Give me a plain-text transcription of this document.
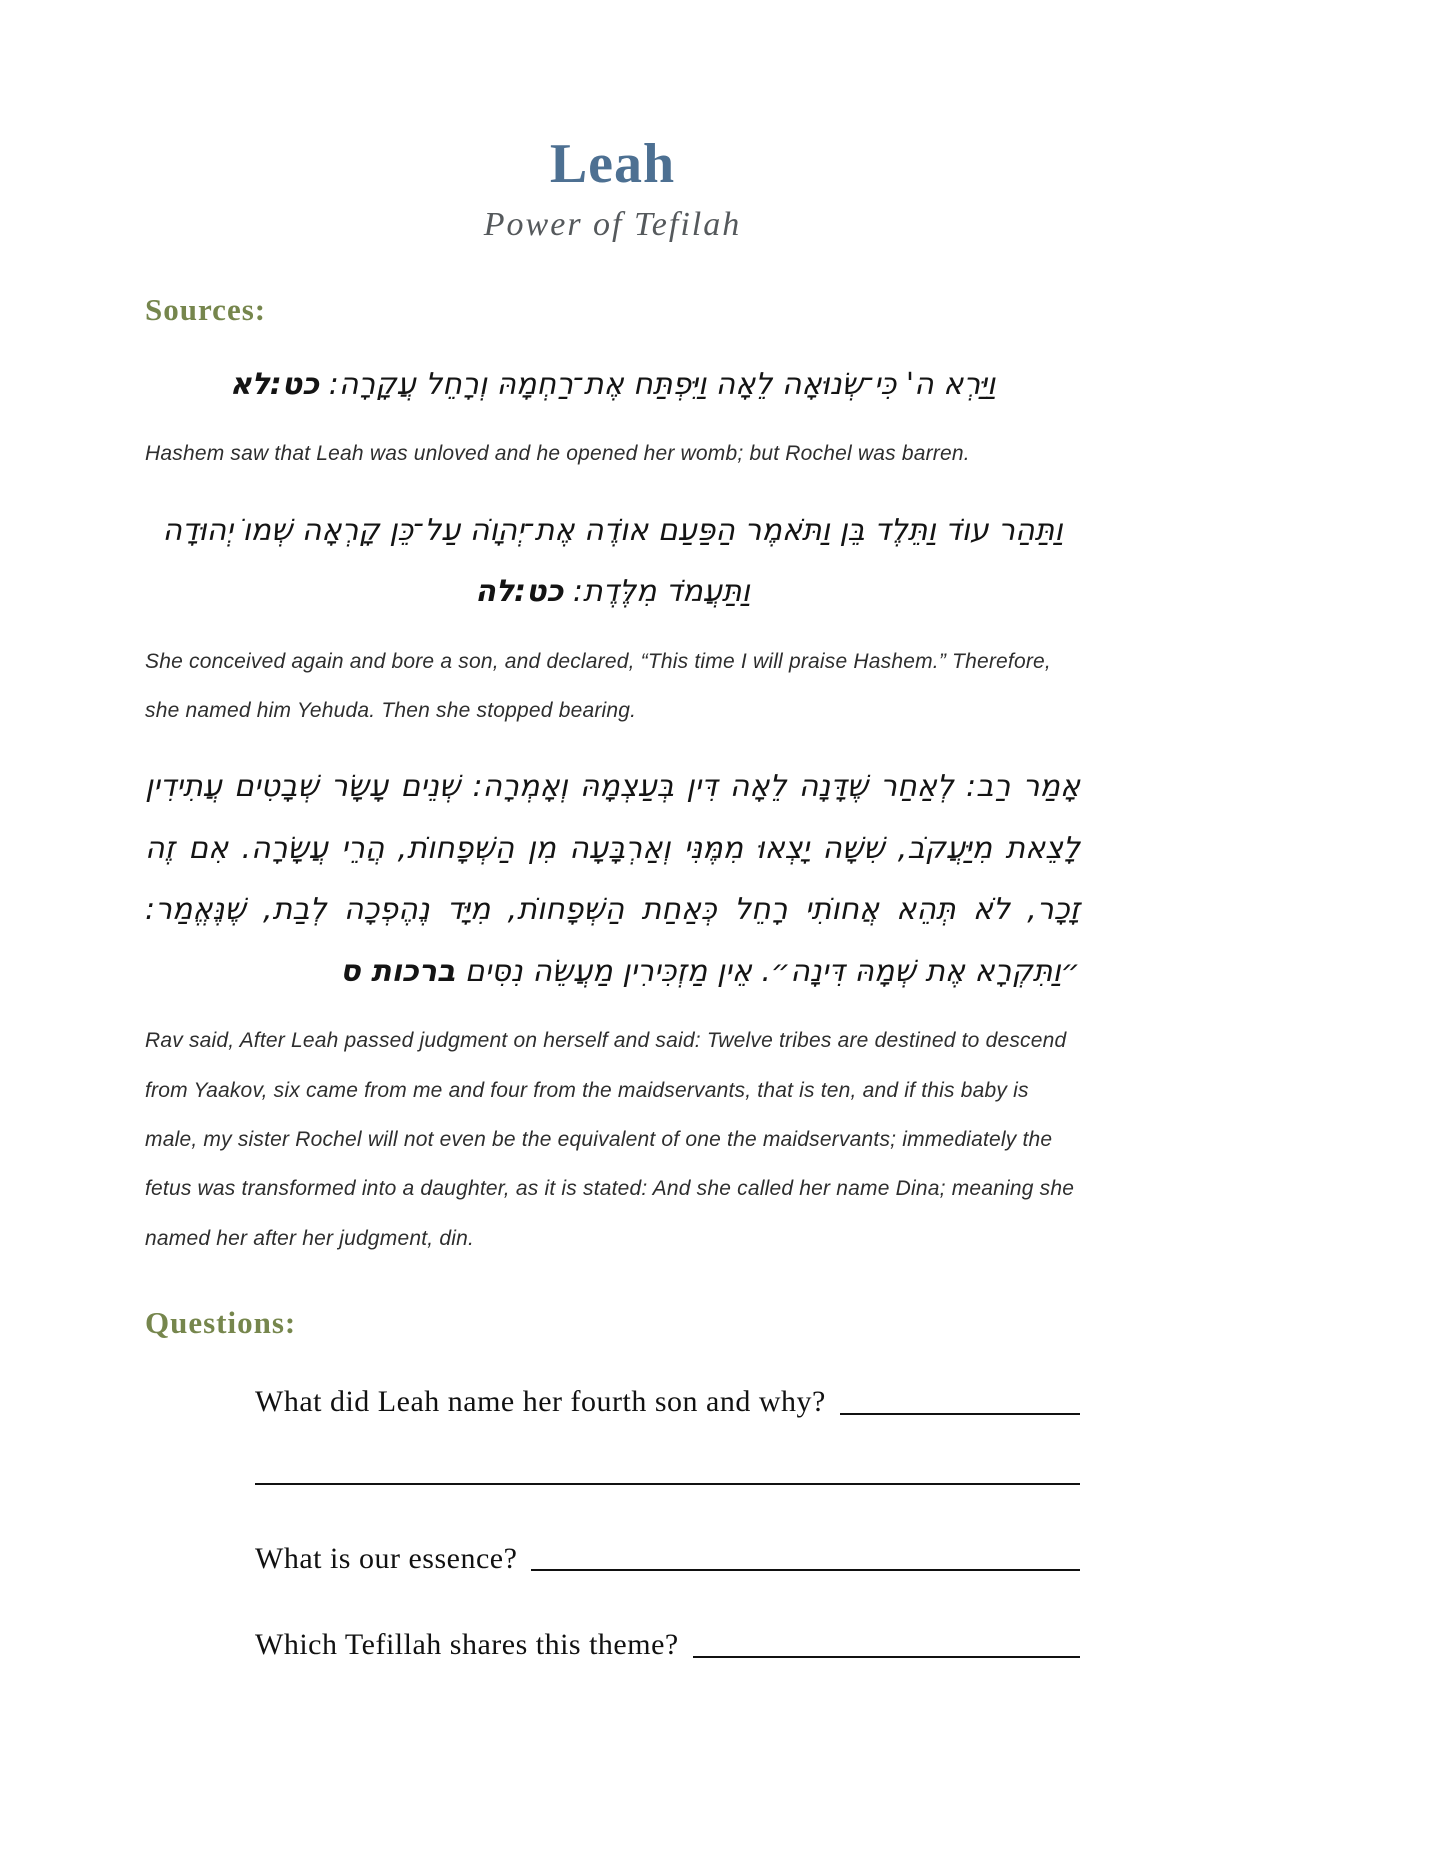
Leah
Power of Tefilah
Sources:
וַיַּרְא ה' כִּי־שְׂנוּאָה לֵאָה וַיִּפְתַּח אֶת־רַחְמָהּ וְרָחֵל עֲקָרָה: כט:לא

Hashem saw that Leah was unloved and he opened her womb; but Rochel was barren.

וַתַּהַר עוֹד וַתֵּלֶד בֵּן וַתֹּאמֶר הַפַּעַם אוֹדֶה אֶת־יְהוָֹה עַל־כֵּן קָרְאָה שְׁמוֹ יְהוּדָה וַתַּעֲמֹד מִלֶּדֶת: כט:לה

She conceived again and bore a son, and declared, “This time I will praise Hashem.” Therefore, she named him Yehuda. Then she stopped bearing.

אָמַר רַב: לְאַחַר שֶׁדָּנָה לֵאָה דִּין בְּעַצְמָהּ וְאָמְרָה: שְׁנֵים עָשָׂר שְׁבָטִים עֲתִידִין לָצֵאת מִיַּעֲקֹב, שִׁשָּׁה יָצְאוּ מִמֶּנִּי וְאַרְבָּעָה מִן הַשְּׁפָחוֹת, הֲרֵי עֲשָׂרָה. אִם זֶה זָכָר, לֹא תְּהֵא אֲחוֹתִי רָחֵל כְּאַחַת הַשְּׁפָחוֹת, מִיָּד נֶהֶפְכָה לְבַת, שֶׁנֶּאֱמַר: ״וַתִּקְרָא אֶת שְׁמָהּ דִּינָה״. אֵין מַזְכִּירִין מַעֲשֵׂה נִסִּים ברכות ס

Rav said, After Leah passed judgment on herself and said: Twelve tribes are destined to descend from Yaakov, six came from me and four from the maidservants, that is ten, and if this baby is male, my sister Rochel will not even be the equivalent of one the maidservants; immediately the fetus was transformed into a daughter, as it is stated: And she called her name Dina; meaning she named her after her judgment, din.

Questions:
What did Leah name her fourth son and why?
What is our essence?
Which Tefillah shares this theme?
